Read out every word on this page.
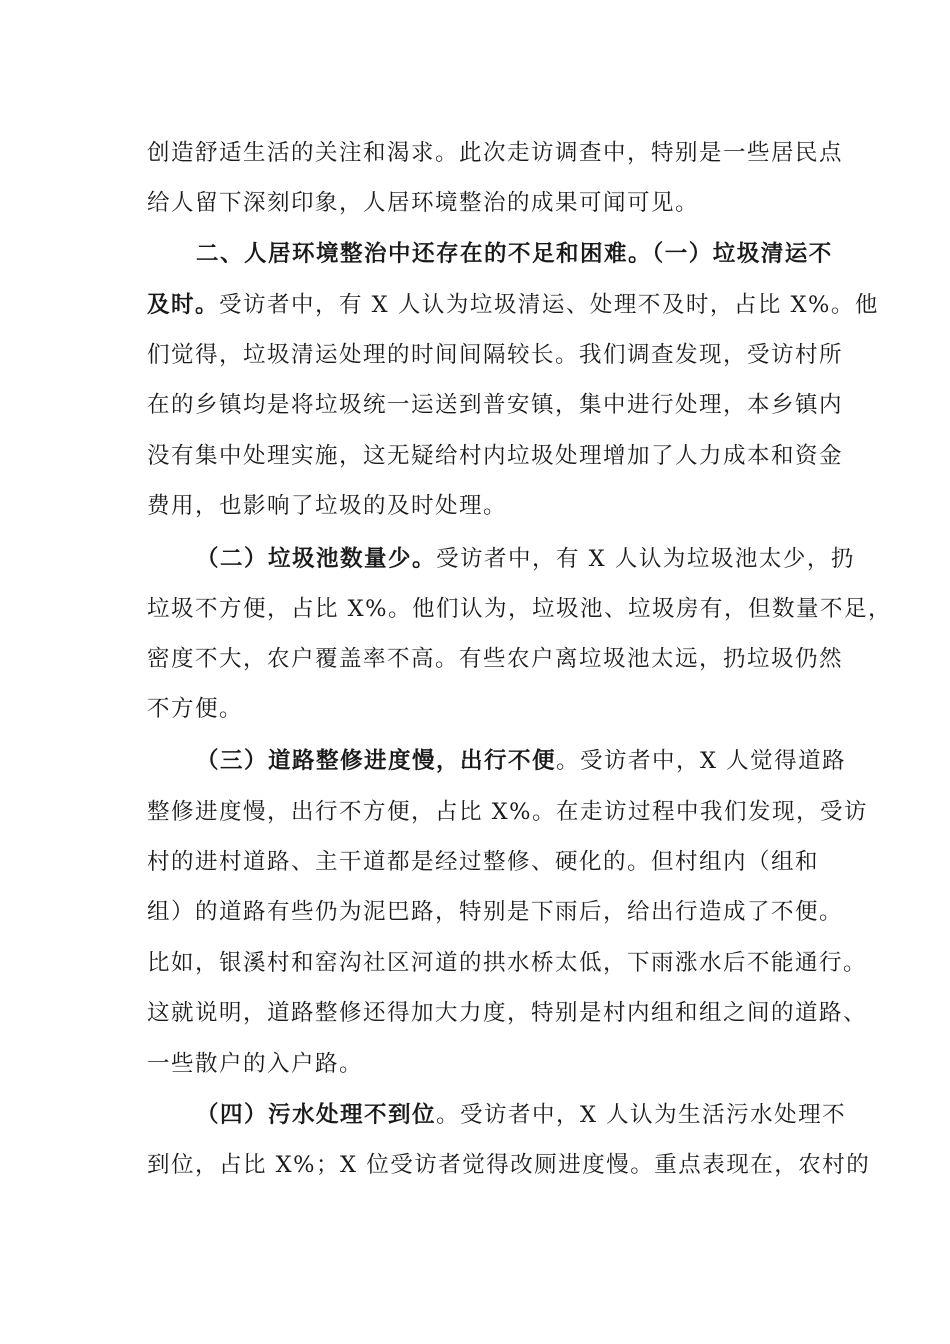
创造舒适生活的关注和渴求。此次走访调查中，特别是一些居民点
给人留下深刻印象，人居环境整治的成果可闻可见。
二、人居环境整治中还存在的不足和困难。（一）垃圾清运不
及时。受访者中，有 X 人认为垃圾清运、处理不及时，占比 X%。他
们觉得，垃圾清运处理的时间间隔较长。我们调查发现，受访村所
在的乡镇均是将垃圾统一运送到普安镇，集中进行处理，本乡镇内
没有集中处理实施，这无疑给村内垃圾处理增加了人力成本和资金
费用，也影响了垃圾的及时处理。
（二）垃圾池数量少。受访者中，有 X 人认为垃圾池太少，扔
垃圾不方便，占比 X%。他们认为，垃圾池、垃圾房有，但数量不足，
密度不大，农户覆盖率不高。有些农户离垃圾池太远，扔垃圾仍然
不方便。
（三）道路整修进度慢，出行不便。受访者中，X 人觉得道路
整修进度慢，出行不方便，占比 X%。在走访过程中我们发现，受访
村的进村道路、主干道都是经过整修、硬化的。但村组内（组和
组）的道路有些仍为泥巴路，特别是下雨后，给出行造成了不便。
比如，银溪村和窑沟社区河道的拱水桥太低，下雨涨水后不能通行。
这就说明，道路整修还得加大力度，特别是村内组和组之间的道路、
一些散户的入户路。
（四）污水处理不到位。受访者中，X 人认为生活污水处理不
到位，占比 X%；X 位受访者觉得改厕进度慢。重点表现在，农村的
